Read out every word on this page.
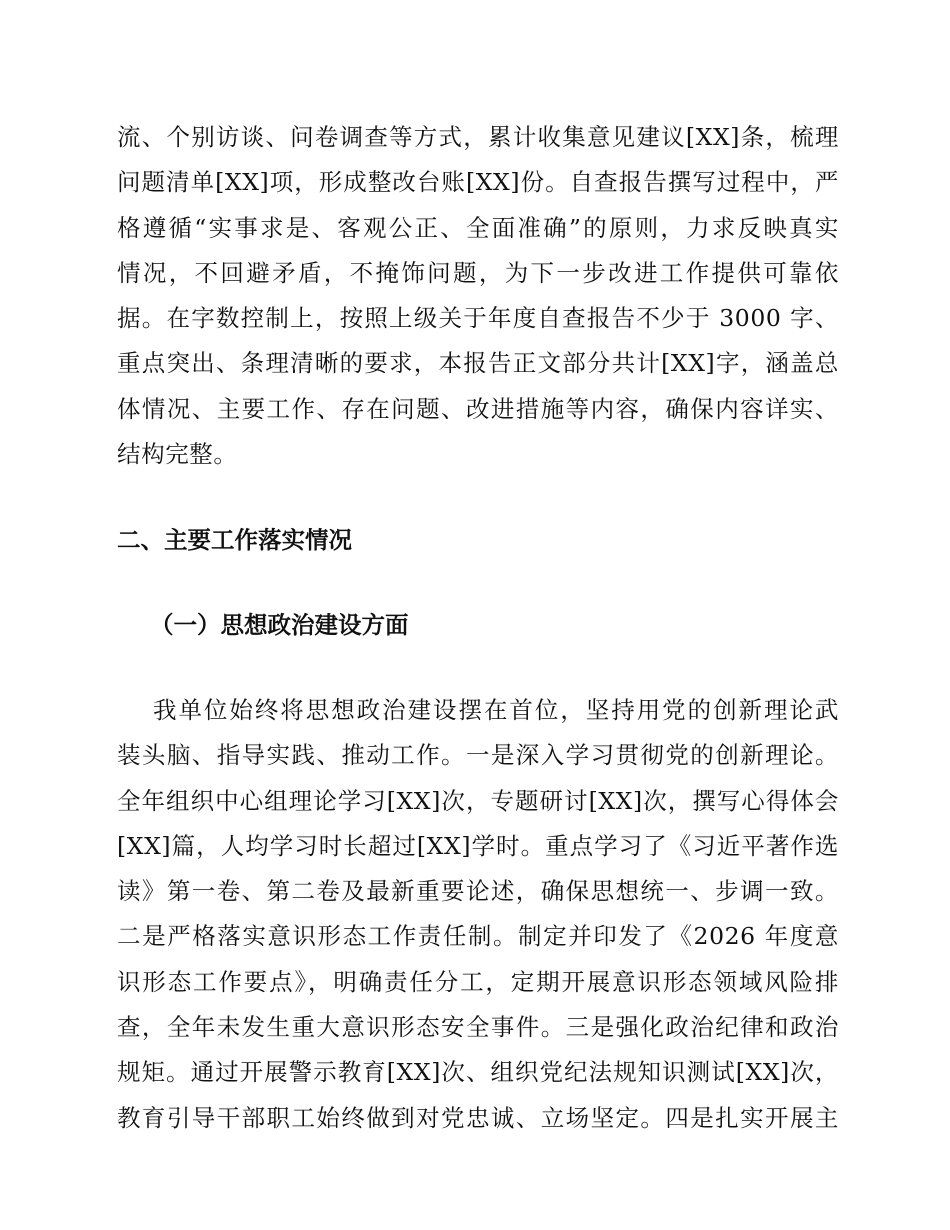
流、个别访谈、问卷调查等方式，累计收集意见建议[XX]条，梳理
问题清单[XX]项，形成整改台账[XX]份。自查报告撰写过程中，严
格遵循“实事求是、客观公正、全面准确”的原则，力求反映真实
情况，不回避矛盾，不掩饰问题，为下一步改进工作提供可靠依
据。在字数控制上，按照上级关于年度自查报告不少于 3000 字、
重点突出、条理清晰的要求，本报告正文部分共计[XX]字，涵盖总
体情况、主要工作、存在问题、改进措施等内容，确保内容详实、
结构完整。
二、主要工作落实情况
（一）思想政治建设方面
我单位始终将思想政治建设摆在首位，坚持用党的创新理论武
装头脑、指导实践、推动工作。一是深入学习贯彻党的创新理论。
全年组织中心组理论学习[XX]次，专题研讨[XX]次，撰写心得体会
[XX]篇，人均学习时长超过[XX]学时。重点学习了《习近平著作选
读》第一卷、第二卷及最新重要论述，确保思想统一、步调一致。
二是严格落实意识形态工作责任制。制定并印发了《2026 年度意
识形态工作要点》，明确责任分工，定期开展意识形态领域风险排
查，全年未发生重大意识形态安全事件。三是强化政治纪律和政治
规矩。通过开展警示教育[XX]次、组织党纪法规知识测试[XX]次，
教育引导干部职工始终做到对党忠诚、立场坚定。四是扎实开展主
